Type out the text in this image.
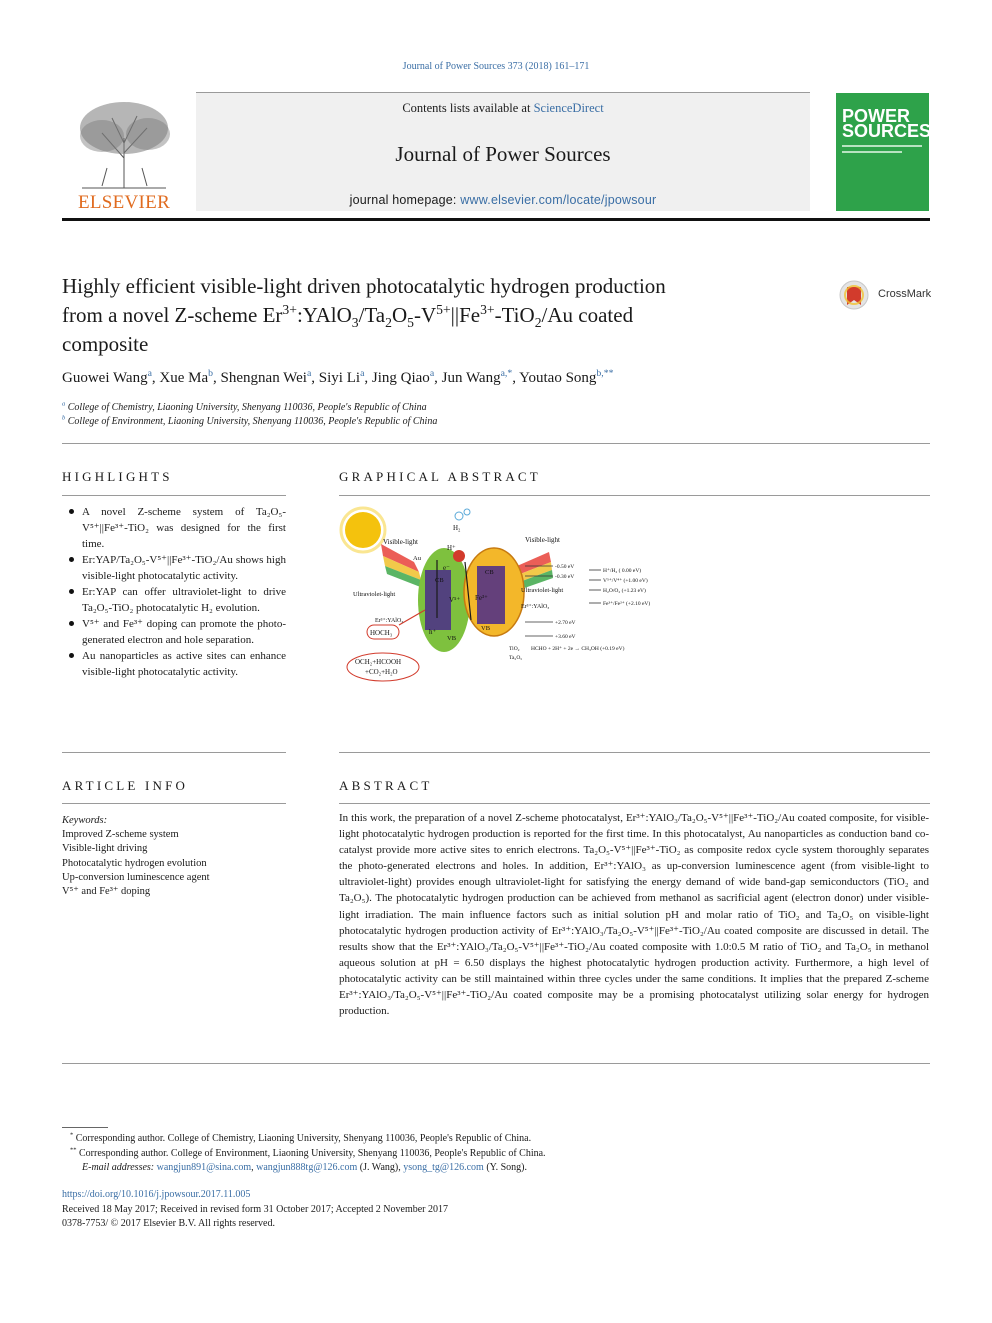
Journal of Power Sources 373 (2018) 161–171
ELSEVIER
Contents lists available at ScienceDirect
Journal of Power Sources
journal homepage: www.elsevier.com/locate/jpowsour
POWER
SOURCES
Highly efficient visible-light driven photocatalytic hydrogen production
from a novel Z-scheme $Er^{3+}:YAlO_3/Ta_2O_5-V^{5+}||Fe^{3+}-TiO_2/Au$ coated
composite
CrossMark
Guowei Wang$^a$, Xue Ma$^b$, Shengnan Wei$^a$, Siyi Li$^a$, Jing Qiao$^a$, Jun Wang$^{a,*}$, Youtao Song$^{b,**}$
$^a$ College of Chemistry, Liaoning University, Shenyang 110036, People's Republic of China
$^b$ College of Environment, Liaoning University, Shenyang 110036, People's Republic of China
HIGHLIGHTS
A novel Z-scheme system of Ta₂O₅-V⁵⁺||Fe³⁺-TiO₂ was designed for the first time.
Er:YAP/Ta₂O₅-V⁵⁺||Fe³⁺-TiO₂/Au shows high visible-light photocatalytic activity.
Er:YAP can offer ultraviolet-light to drive Ta₂O₅-TiO₂ photocatalytic H₂ evolution.
V⁵⁺ and Fe³⁺ doping can promote the photo-generated electron and hole separation.
Au nanoparticles as active sites can enhance visible-light photocatalytic activity.
GRAPHICAL ABSTRACT
Visible-light	Visible-light
Ultraviolet-light
Ultraviolet-light
Er³⁺:YAlO₃
Er³⁺:YAlO₃
Au
H₂
H⁺
CB
VB
CB
VB
e⁻
h⁺
V⁵⁺ Fe³⁺
HOCH₃
OCH₂+HCOOH
+CO₂+H₂O
-0.50 eV
-0.30 eV
+2.70 eV
+3.60 eV
H⁺/H₂ ( 0.00 eV)
V⁵⁺/V⁴⁺ (+1.00 eV)
H₂O/O₂ (+1.23 eV)
Fe³⁺/Fe²⁺ (+2.10 eV)
TiO₂
Ta₂O₅
HCHO + 2H⁺ + 2e → CH₃OH (+0.19 eV)
ARTICLE INFO
Keywords:
Improved Z-scheme system
Visible-light driving
Photocatalytic hydrogen evolution
Up-conversion luminescence agent
V⁵⁺ and Fe³⁺ doping
ABSTRACT
In this work, the preparation of a novel Z-scheme photocatalyst, Er³⁺:YAlO₃/Ta₂O₅-V⁵⁺||Fe³⁺-TiO₂/Au coated composite, for visible-light photocatalytic hydrogen production is reported for the first time. In this photocatalyst, Au nanoparticles as conduction band co-catalyst provide more active sites to enrich electrons. Ta₂O₅-V⁵⁺||Fe³⁺-TiO₂ as composite redox cycle system thoroughly separates the photo-generated electrons and holes. In addition, Er³⁺:YAlO₃ as up-conversion luminescence agent (from visible-light to ultraviolet-light) provides enough ultraviolet-light for satisfying the energy demand of wide band-gap semiconductors (TiO₂ and Ta₂O₅). The photocatalytic hydrogen production can be achieved from methanol as sacrificial agent (electron donor) under visible-light irradiation. The main influence factors such as initial solution pH and molar ratio of TiO₂ and Ta₂O₅ on visible-light photocatalytic hydrogen production activity of Er³⁺:YAlO₃/Ta₂O₅-V⁵⁺||Fe³⁺-TiO₂/Au coated composite are discussed in detail. The results show that the Er³⁺:YAlO₃/Ta₂O₅-V⁵⁺||Fe³⁺-TiO₂/Au coated composite with 1.0:0.5 M ratio of TiO₂ and Ta₂O₅ in methanol aqueous solution at pH = 6.50 displays the highest photocatalytic hydrogen production activity. Furthermore, a high level of photocatalytic activity can be still maintained within three cycles under the same conditions. It implies that the prepared Z-scheme Er³⁺:YAlO₃/Ta₂O₅-V⁵⁺||Fe³⁺-TiO₂/Au coated composite may be a promising photocatalyst utilizing solar energy for hydrogen production.
* Corresponding author. College of Chemistry, Liaoning University, Shenyang 110036, People's Republic of China.
** Corresponding author. College of Environment, Liaoning University, Shenyang 110036, People's Republic of China.
E-mail addresses: wangjun891@sina.com, wangjun888tg@126.com (J. Wang), ysong_tg@126.com (Y. Song).
https://doi.org/10.1016/j.jpowsour.2017.11.005
Received 18 May 2017; Received in revised form 31 October 2017; Accepted 2 November 2017
0378-7753/ © 2017 Elsevier B.V. All rights reserved.
